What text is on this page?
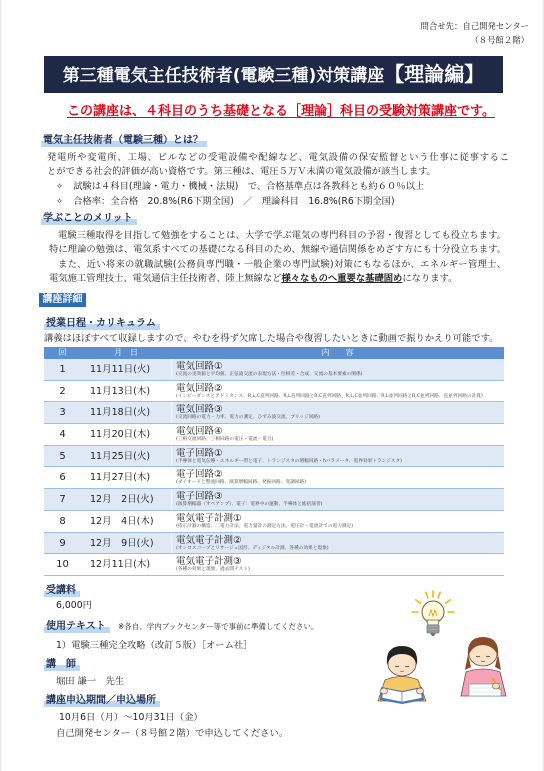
問合せ先：自己開発センター
（８号館２階）
第三種電気主任技術者(電験三種)対策講座【理論編】
この講座は、４科目のうち基礎となる［理論］科目の受験対策講座です。
電気主任技術者（電験三種）とは？
発電所や変電所、工場、ビルなどの受電設備や配線など、電気設備の保安監督という仕事に従事するこ
とができる社会的評価が高い資格です。第三種は、電圧５万Ｖ未満の電気設備が該当します。
✧ 試験は４科目(理論・電力・機械・法規)　で、合格基準点は各教科とも約６０％以上
✧ 合格率：全合格　20.8%(R6下期全国)　／　理論科目　16.8%(R6下期全国)
学ぶことのメリット
電験三種取得を目指して勉強をすることは、大学で学ぶ電気の専門科目の予習・復習としても役立ちます。
特に理論の勉強は、電気系すべての基礎になる科目のため、無線や通信関係をめざす方にも十分役立ちます。
また、近い将来の就職試験(公務員専門職・一般企業の専門試験)対策にもなるほか、エネルギー管理士、
電気施工管理技士、電気通信主任技術者、陸上無線など様々なものへ重要な基礎固めになります。
講座詳細
授業日程・カリキュラム
講義はほぼすべて収録しますので、やむを得ず欠席した場合や復習したいときに動画で振りかえり可能です。
回	月　日	内　　容
1	11月11日(火)	電気回路①
(交流の実効値と平均値、正弦波交流の表現方法・位相差・合成、交流の基本要素の関係)
2	11月13日(木)	電気回路②
(インピーダンスとアドミタンス、R,L,C直列回路、R,L直列回路とR,C直列回路、R,L,C並列回路、R,L並列回路とR,C並列回路、直並列回路の計算)
3	11月18日(火)	電気回路③
(交流回路の電力・力率、電力の測定、ひずみ波交流、ブリッジ回路)
4	11月20日(木)	電気回路④
(三相交流回路、三相回路の電圧・電流・電力)
5	11月25日(火)	電子回路①
(半導体と電気伝導・エネルギー帯と電子、トランジスタの増幅回路・hパラメータ、電界効果トランジスタ)
6	11月27日(木)	電子回路②
(ダイオードと整流回路、演算増幅回路、発振回路、変調回路)
7	12月　2日(火)	電子回路③
(演算増幅器（オペアンプ）、電子：電界中の運動、半導体と総括演習)
8	12月　4日(木)	電気電子計測①
(指示計器の構造、二電力計法、電力量計の測定方法、電圧計・電流計での電力測定)
9	12月　9日(火)	電気電子計測②
(オシロスコープとリサージュ図形、ディジタル計測、各種の効果と現象)
10	12月11日(木)	電気電子計測③
(各種の効果と現象、過去問テスト)
受講料
6,000円
使用テキスト	※各自、学内ブックセンター等で事前に準備してください。
1）電験三種完全攻略（改訂５版）［オーム社］
講　師
堀田 謙一　先生
講座申込期間／申込場所
10月6日（月）～10月31日（金）
自己開発センター（８号館２階）で申込してください。
